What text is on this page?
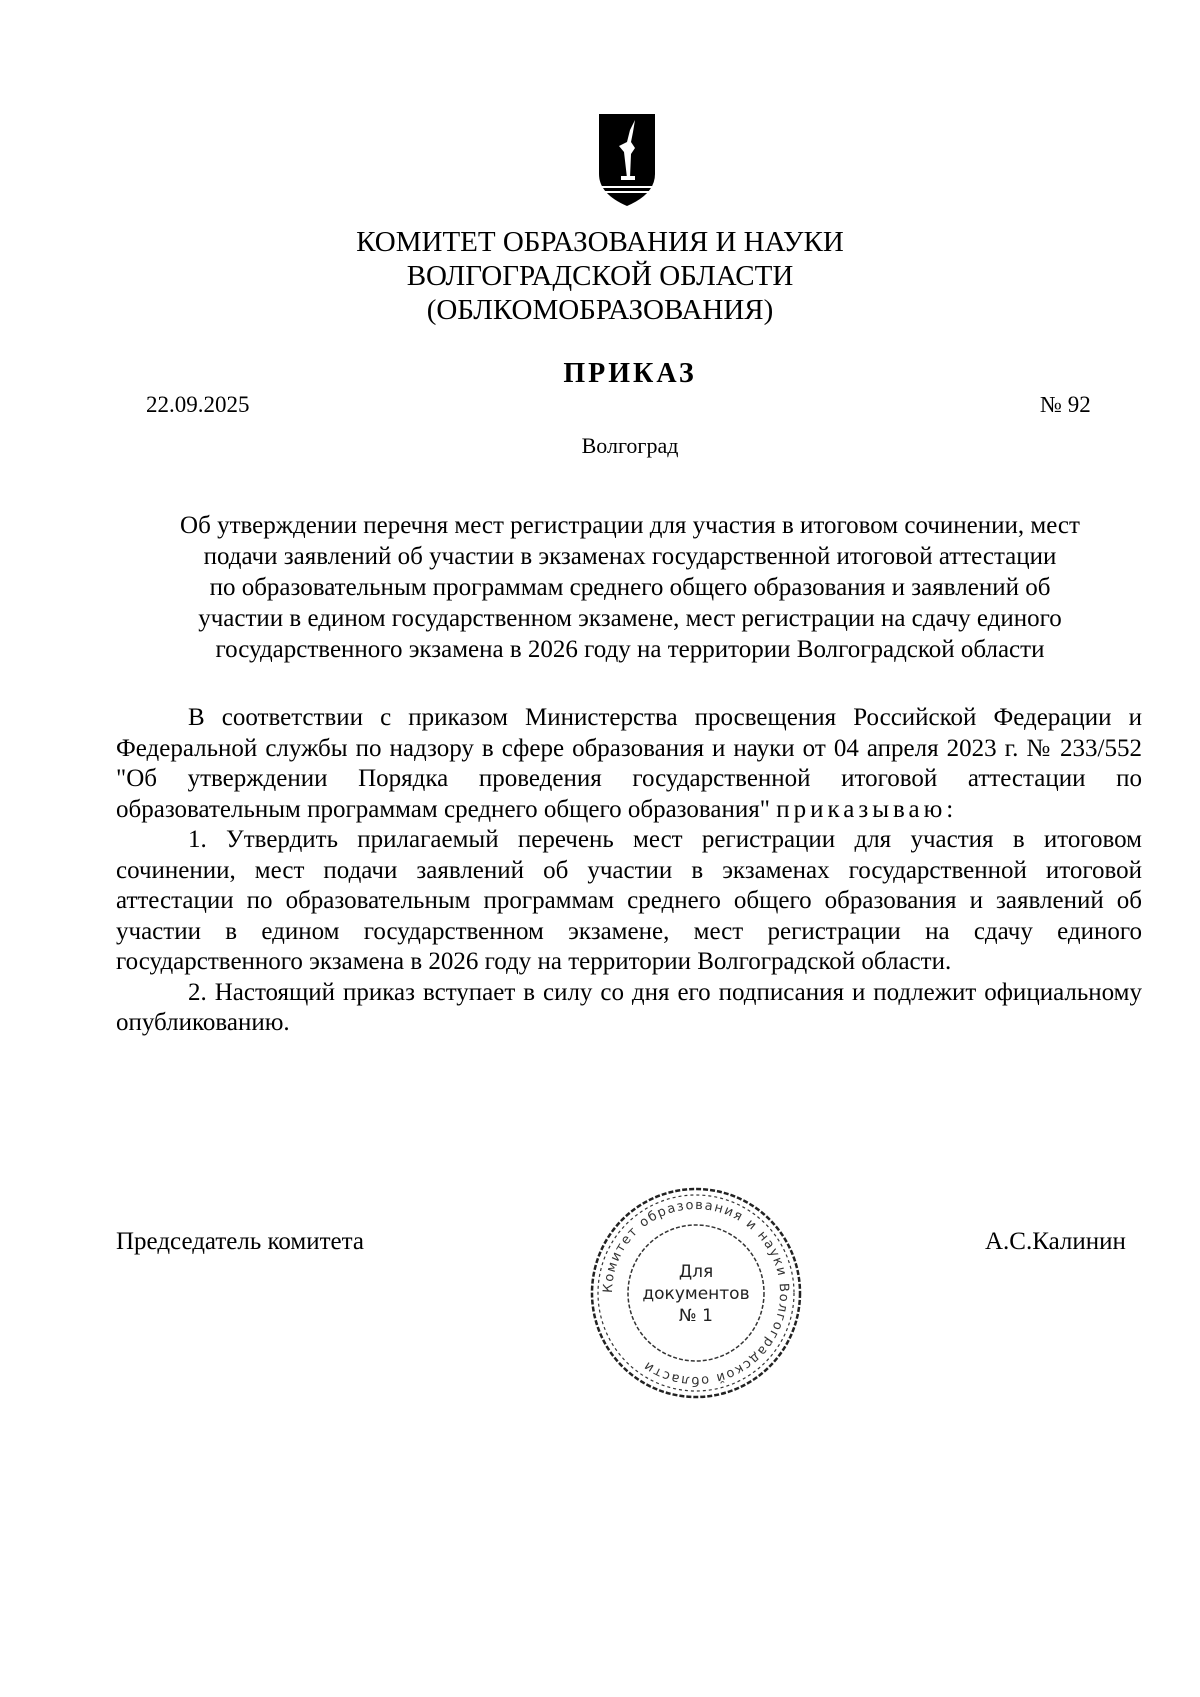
КОМИТЕТ ОБРАЗОВАНИЯ И НАУКИ
ВОЛГОГРАДСКОЙ ОБЛАСТИ
(ОБЛКОМОБРАЗОВАНИЯ)
ПРИКАЗ
22.09.2025	№ 92
Волгоград
Об утверждении перечня мест регистрации для участия в итоговом сочинении, мест
подачи заявлений об участии в экзаменах государственной итоговой аттестации
по образовательным программам среднего общего образования и заявлений об
участии в едином государственном экзамене, мест регистрации на сдачу единого
государственного экзамена в 2026 году на территории Волгоградской области

В соответствии с приказом Министерства просвещения Российской Федерации и Федеральной службы по надзору в сфере образования и науки от 04 апреля 2023 г. № 233/552 "Об утверждении Порядка проведения государственной итоговой аттестации по образовательным программам среднего общего образования" приказываю:

1. Утвердить прилагаемый перечень мест регистрации для участия в итоговом сочинении, мест подачи заявлений об участии в экзаменах государственной итоговой аттестации по образовательным программам среднего общего образования и заявлений об участии в едином государственном экзамене, мест регистрации на сдачу единого государственного экзамена в 2026 году на территории Волгоградской области.

2. Настоящий приказ вступает в силу со дня его подписания и подлежит официальному опубликованию.

Председатель комитета	А.С.Калинин
Комитет образования и науки Волгоградской области
Для
документов
№ 1
